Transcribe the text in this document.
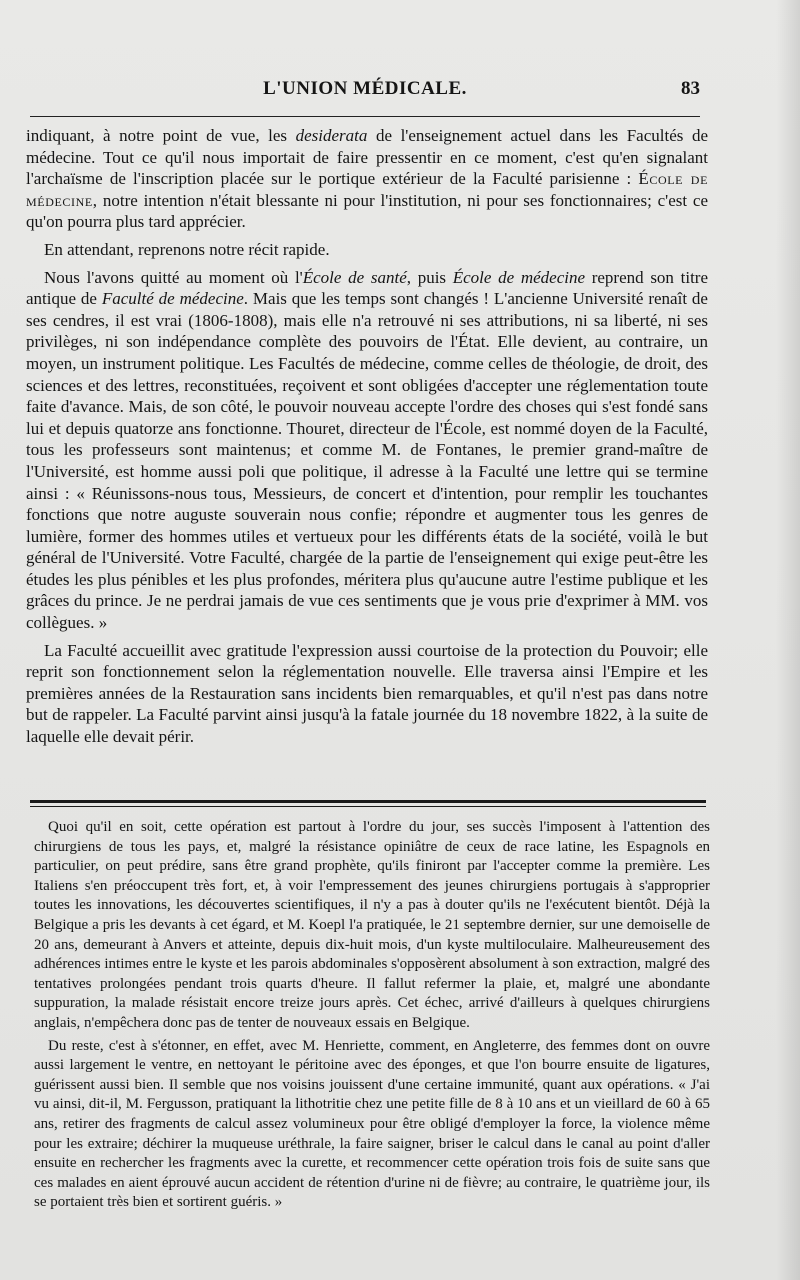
L'UNION MÉDICALE.	83

indiquant, à notre point de vue, les desiderata de l'enseignement actuel dans les Facultés de médecine. Tout ce qu'il nous importait de faire pressentir en ce moment, c'est qu'en signalant l'archaïsme de l'inscription placée sur le portique extérieur de la Faculté parisienne : École de médecine, notre intention n'était blessante ni pour l'institution, ni pour ses fonctionnaires; c'est ce qu'on pourra plus tard apprécier.

En attendant, reprenons notre récit rapide.

Nous l'avons quitté au moment où l'École de santé, puis École de médecine reprend son titre antique de Faculté de médecine. Mais que les temps sont changés ! L'ancienne Université renaît de ses cendres, il est vrai (1806-1808), mais elle n'a retrouvé ni ses attributions, ni sa liberté, ni ses privilèges, ni son indépendance complète des pouvoirs de l'État. Elle devient, au contraire, un moyen, un instrument politique. Les Facultés de médecine, comme celles de théologie, de droit, des sciences et des lettres, reconstituées, reçoivent et sont obligées d'accepter une réglementation toute faite d'avance. Mais, de son côté, le pouvoir nouveau accepte l'ordre des choses qui s'est fondé sans lui et depuis quatorze ans fonctionne. Thouret, directeur de l'École, est nommé doyen de la Faculté, tous les professeurs sont maintenus; et comme M. de Fontanes, le premier grand-maître de l'Université, est homme aussi poli que politique, il adresse à la Faculté une lettre qui se termine ainsi : « Réunissons-nous tous, Messieurs, de concert et d'intention, pour remplir les touchantes fonctions que notre auguste souverain nous confie; répondre et augmenter tous les genres de lumière, former des hommes utiles et vertueux pour les différents états de la société, voilà le but général de l'Université. Votre Faculté, chargée de la partie de l'enseignement qui exige peut-être les études les plus pénibles et les plus profondes, méritera plus qu'aucune autre l'estime publique et les grâces du prince. Je ne perdrai jamais de vue ces sentiments que je vous prie d'exprimer à MM. vos collègues. »

La Faculté accueillit avec gratitude l'expression aussi courtoise de la protection du Pouvoir; elle reprit son fonctionnement selon la réglementation nouvelle. Elle traversa ainsi l'Empire et les premières années de la Restauration sans incidents bien remarquables, et qu'il n'est pas dans notre but de rappeler. La Faculté parvint ainsi jusqu'à la fatale journée du 18 novembre 1822, à la suite de laquelle elle devait périr.

Quoi qu'il en soit, cette opération est partout à l'ordre du jour, ses succès l'imposent à l'attention des chirurgiens de tous les pays, et, malgré la résistance opiniâtre de ceux de race latine, les Espagnols en particulier, on peut prédire, sans être grand prophète, qu'ils finiront par l'accepter comme la première. Les Italiens s'en préoccupent très fort, et, à voir l'empressement des jeunes chirurgiens portugais à s'approprier toutes les innovations, les découvertes scientifiques, il n'y a pas à douter qu'ils ne l'exécutent bientôt. Déjà la Belgique a pris les devants à cet égard, et M. Koepl l'a pratiquée, le 21 septembre dernier, sur une demoiselle de 20 ans, demeurant à Anvers et atteinte, depuis dix-huit mois, d'un kyste multiloculaire. Malheureusement des adhérences intimes entre le kyste et les parois abdominales s'opposèrent absolument à son extraction, malgré des tentatives prolongées pendant trois quarts d'heure. Il fallut refermer la plaie, et, malgré une abondante suppuration, la malade résistait encore treize jours après. Cet échec, arrivé d'ailleurs à quelques chirurgiens anglais, n'empêchera donc pas de tenter de nouveaux essais en Belgique.

Du reste, c'est à s'étonner, en effet, avec M. Henriette, comment, en Angleterre, des femmes dont on ouvre aussi largement le ventre, en nettoyant le péritoine avec des éponges, et que l'on bourre ensuite de ligatures, guérissent aussi bien. Il semble que nos voisins jouissent d'une certaine immunité, quant aux opérations. « J'ai vu ainsi, dit-il, M. Fergusson, pratiquant la lithotritie chez une petite fille de 8 à 10 ans et un vieillard de 60 à 65 ans, retirer des fragments de calcul assez volumineux pour être obligé d'employer la force, la violence même pour les extraire; déchirer la muqueuse uréthrale, la faire saigner, briser le calcul dans le canal au point d'aller ensuite en rechercher les fragments avec la curette, et recommencer cette opération trois fois de suite sans que ces malades en aient éprouvé aucun accident de rétention d'urine ni de fièvre; au contraire, le quatrième jour, ils se portaient très bien et sortirent guéris. »
